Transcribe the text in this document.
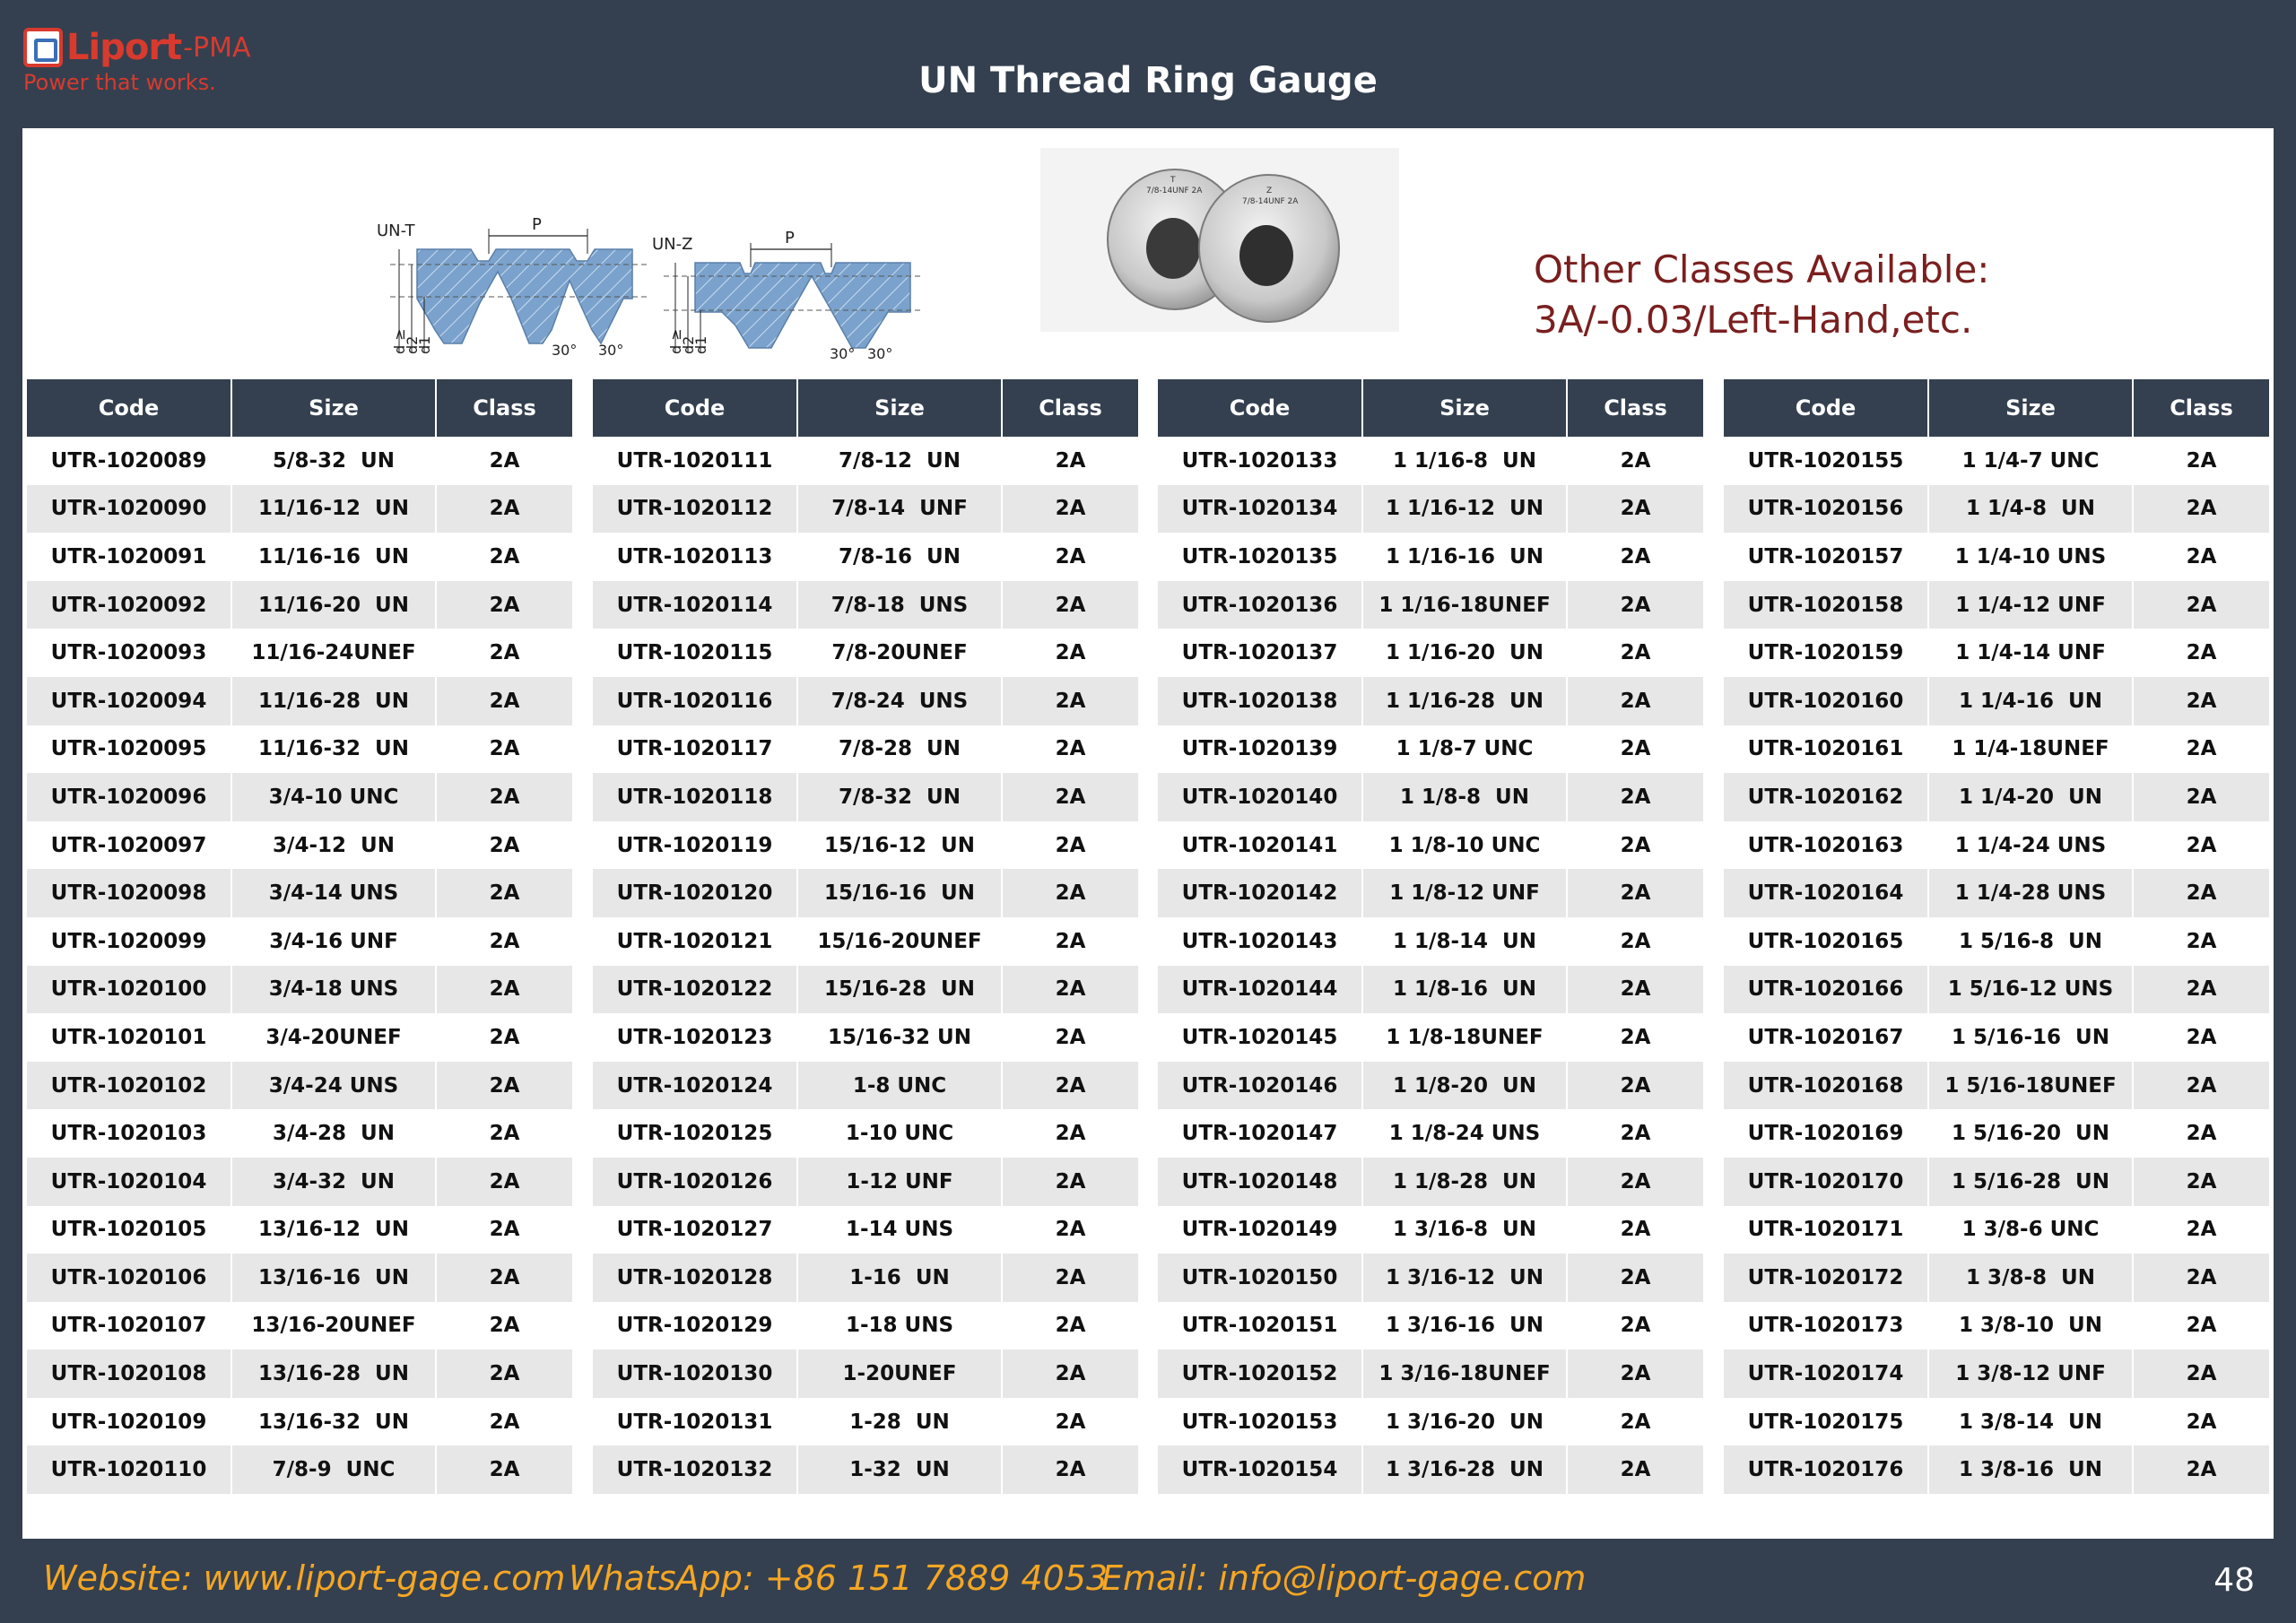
Liport -PMA
Power that works.	UN Thread Ring Gauge
UN-T	P
d ≥
d2
d1	30° 30°
UN-Z	P
d ≥
d2
d1	30° 30°
7/8-14UNF 2A
T
7/8-14UNF 2A
Z
Other Classes Available:
3A/-0.03/Left-Hand,etc.
Code	Size	Class
UTR-1020089	5/8-32  UN	2A
UTR-1020090	11/16-12  UN	2A
UTR-1020091	11/16-16  UN	2A
UTR-1020092	11/16-20  UN	2A
UTR-1020093	11/16-24UNEF	2A
UTR-1020094	11/16-28  UN	2A
UTR-1020095	11/16-32  UN	2A
UTR-1020096	3/4-10 UNC	2A
UTR-1020097	3/4-12  UN	2A
UTR-1020098	3/4-14 UNS	2A
UTR-1020099	3/4-16 UNF	2A
UTR-1020100	3/4-18 UNS	2A
UTR-1020101	3/4-20UNEF	2A
UTR-1020102	3/4-24 UNS	2A
UTR-1020103	3/4-28  UN	2A
UTR-1020104	3/4-32  UN	2A
UTR-1020105	13/16-12  UN	2A
UTR-1020106	13/16-16  UN	2A
UTR-1020107	13/16-20UNEF	2A
UTR-1020108	13/16-28  UN	2A
UTR-1020109	13/16-32  UN	2A
UTR-1020110	7/8-9  UNC	2A
Code	Size	Class
UTR-1020111	7/8-12  UN	2A
UTR-1020112	7/8-14  UNF	2A
UTR-1020113	7/8-16  UN	2A
UTR-1020114	7/8-18  UNS	2A
UTR-1020115	7/8-20UNEF	2A
UTR-1020116	7/8-24  UNS	2A
UTR-1020117	7/8-28  UN	2A
UTR-1020118	7/8-32  UN	2A
UTR-1020119	15/16-12  UN	2A
UTR-1020120	15/16-16  UN	2A
UTR-1020121	15/16-20UNEF	2A
UTR-1020122	15/16-28  UN	2A
UTR-1020123	15/16-32 UN	2A
UTR-1020124	1-8 UNC	2A
UTR-1020125	1-10 UNC	2A
UTR-1020126	1-12 UNF	2A
UTR-1020127	1-14 UNS	2A
UTR-1020128	1-16  UN	2A
UTR-1020129	1-18 UNS	2A
UTR-1020130	1-20UNEF	2A
UTR-1020131	1-28  UN	2A
UTR-1020132	1-32  UN	2A
Code	Size	Class
UTR-1020133	1 1/16-8  UN	2A
UTR-1020134	1 1/16-12  UN	2A
UTR-1020135	1 1/16-16  UN	2A
UTR-1020136	1 1/16-18UNEF	2A
UTR-1020137	1 1/16-20  UN	2A
UTR-1020138	1 1/16-28  UN	2A
UTR-1020139	1 1/8-7 UNC	2A
UTR-1020140	1 1/8-8  UN	2A
UTR-1020141	1 1/8-10 UNC	2A
UTR-1020142	1 1/8-12 UNF	2A
UTR-1020143	1 1/8-14  UN	2A
UTR-1020144	1 1/8-16  UN	2A
UTR-1020145	1 1/8-18UNEF	2A
UTR-1020146	1 1/8-20  UN	2A
UTR-1020147	1 1/8-24 UNS	2A
UTR-1020148	1 1/8-28  UN	2A
UTR-1020149	1 3/16-8  UN	2A
UTR-1020150	1 3/16-12  UN	2A
UTR-1020151	1 3/16-16  UN	2A
UTR-1020152	1 3/16-18UNEF	2A
UTR-1020153	1 3/16-20  UN	2A
UTR-1020154	1 3/16-28  UN	2A
Code	Size	Class
UTR-1020155	1 1/4-7 UNC	2A
UTR-1020156	1 1/4-8  UN	2A
UTR-1020157	1 1/4-10 UNS	2A
UTR-1020158	1 1/4-12 UNF	2A
UTR-1020159	1 1/4-14 UNF	2A
UTR-1020160	1 1/4-16  UN	2A
UTR-1020161	1 1/4-18UNEF	2A
UTR-1020162	1 1/4-20  UN	2A
UTR-1020163	1 1/4-24 UNS	2A
UTR-1020164	1 1/4-28 UNS	2A
UTR-1020165	1 5/16-8  UN	2A
UTR-1020166	1 5/16-12 UNS	2A
UTR-1020167	1 5/16-16  UN	2A
UTR-1020168	1 5/16-18UNEF	2A
UTR-1020169	1 5/16-20  UN	2A
UTR-1020170	1 5/16-28  UN	2A
UTR-1020171	1 3/8-6 UNC	2A
UTR-1020172	1 3/8-8  UN	2A
UTR-1020173	1 3/8-10  UN	2A
UTR-1020174	1 3/8-12 UNF	2A
UTR-1020175	1 3/8-14  UN	2A
UTR-1020176	1 3/8-16  UN	2A
Website: www.liport-gage.com WhatsApp: +86 151 7889 4053
Email: info@liport-gage.com	48
